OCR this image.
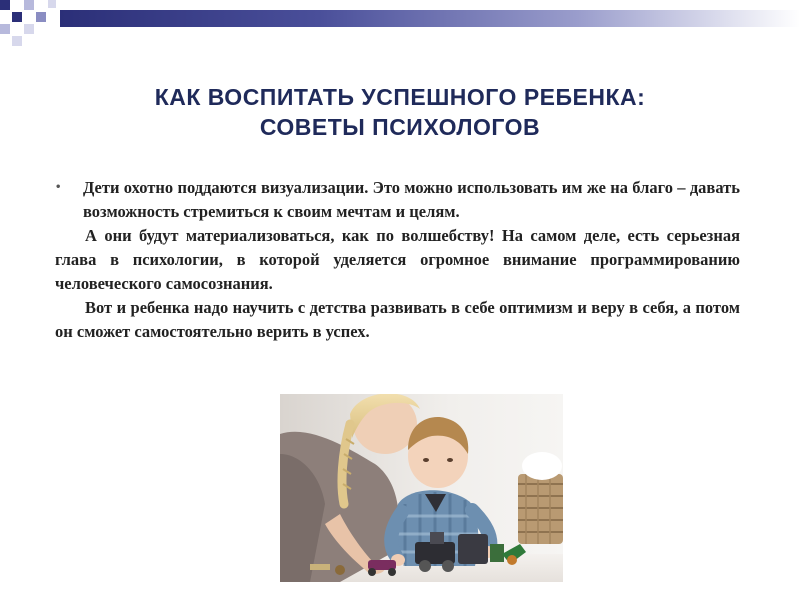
КАК ВОСПИТАТЬ УСПЕШНОГО РЕБЕНКА:
СОВЕТЫ ПСИХОЛОГОВ

• Дети охотно поддаются визуализации. Это можно использовать им же на благо – давать возможность стремиться к своим мечтам и целям.

А они будут материализоваться, как по волшебству! На самом деле, есть серьезная глава в психологии, в которой уделяется огромное внимание программированию человеческого самосознания.

Вот и ребенка надо научить с детства развивать в себе оптимизм и веру в себя, а потом он сможет самостоятельно верить в успех.
